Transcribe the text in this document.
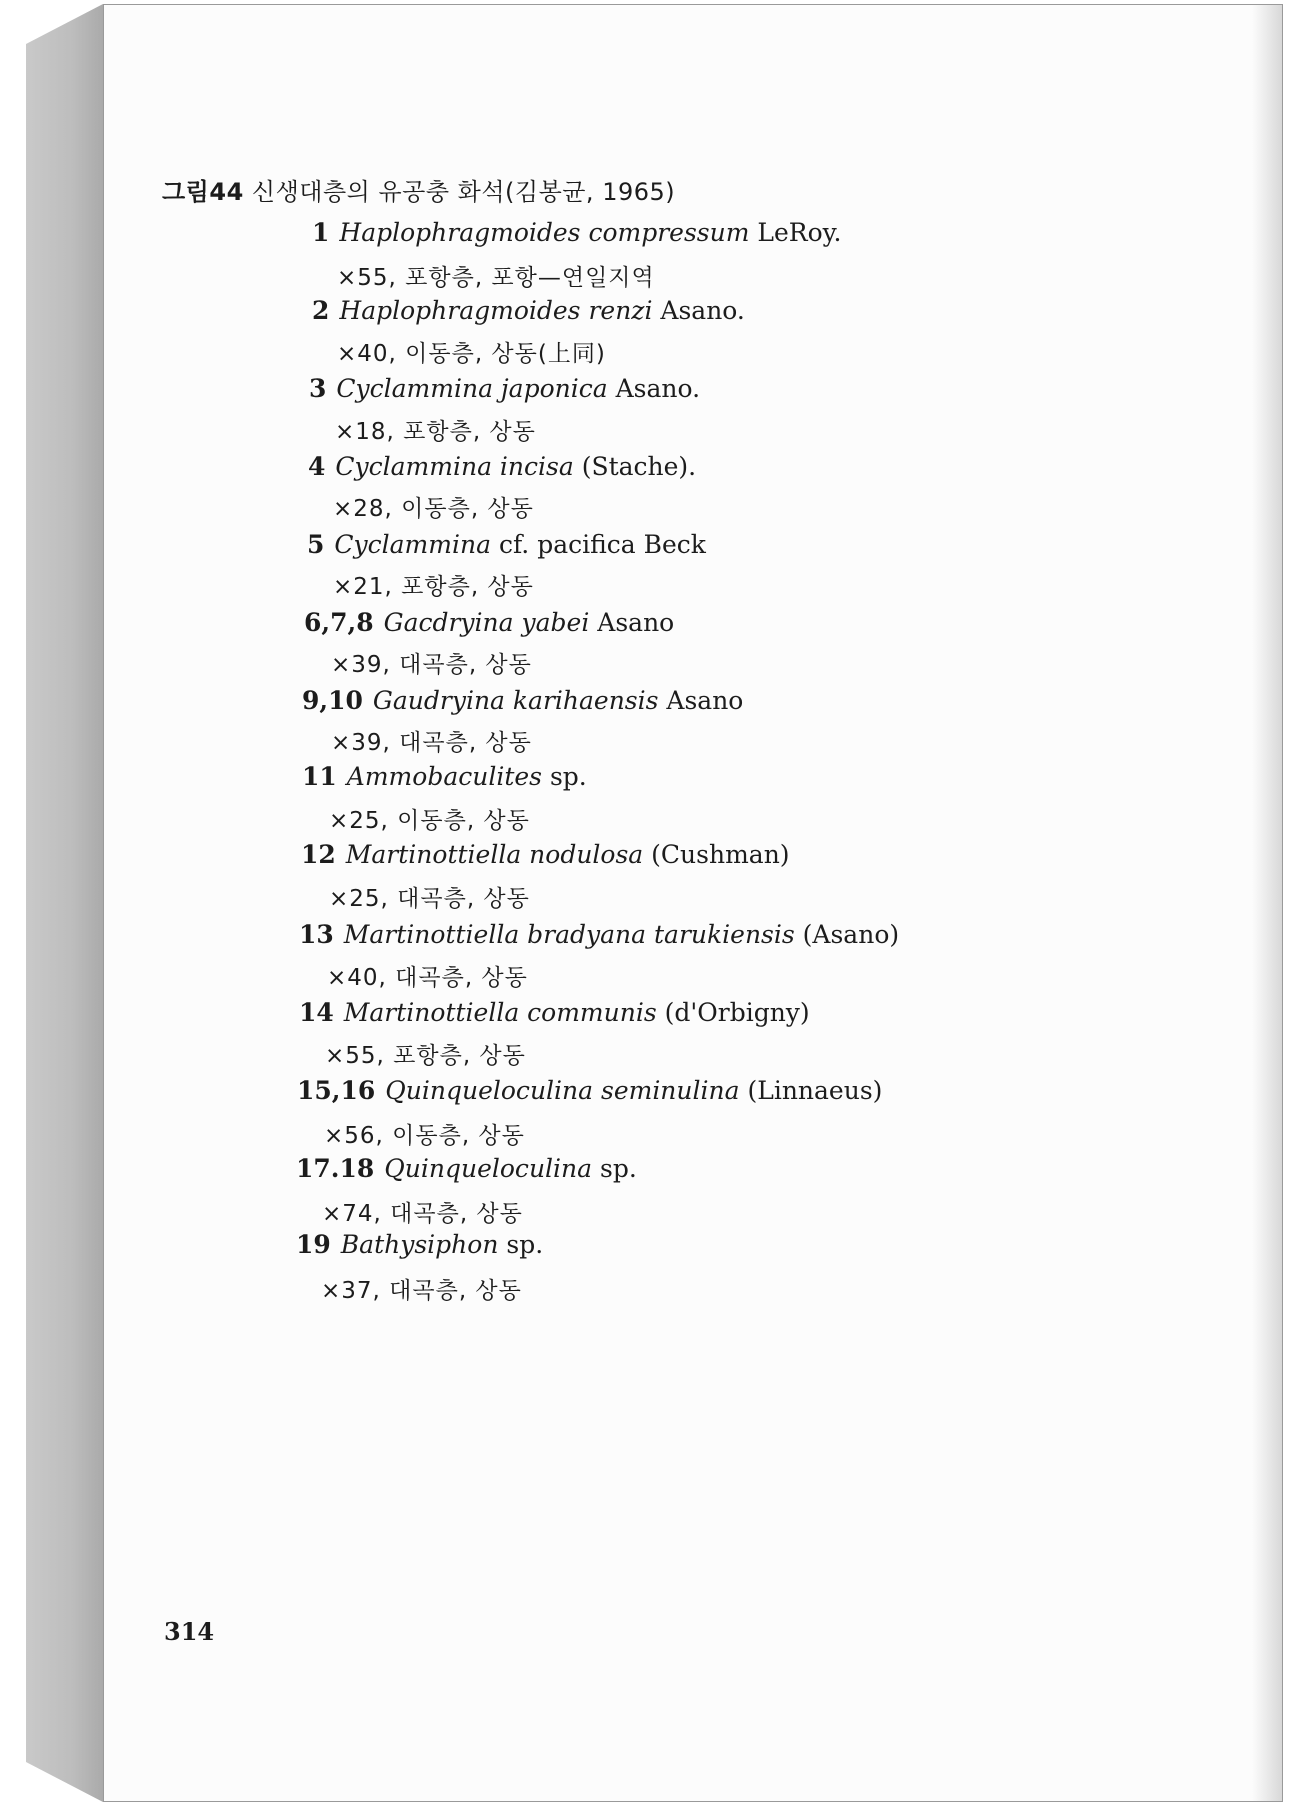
그림44 신생대층의 유공충 화석(김봉균, 1965)
1 Haplophragmoides compressum LeRoy.
×55, 포항층, 포항—연일지역
2 Haplophragmoides renzi Asano.
×40, 이동층, 상동(上同)
3 Cyclammina japonica Asano.
×18, 포항층, 상동
4 Cyclammina incisa (Stache).
×28, 이동층, 상동
5 Cyclammina cf. pacifica Beck
×21, 포항층, 상동
6,7,8 Gacdryina yabei Asano
×39, 대곡층, 상동
9,10 Gaudryina karihaensis Asano
×39, 대곡층, 상동
11 Ammobaculites sp.
×25, 이동층, 상동
12 Martinottiella nodulosa (Cushman)
×25, 대곡층, 상동
13 Martinottiella bradyana tarukiensis (Asano)
×40, 대곡층, 상동
14 Martinottiella communis (d'Orbigny)
×55, 포항층, 상동
15,16 Quinqueloculina seminulina (Linnaeus)
×56, 이동층, 상동
17.18 Quinqueloculina sp.
×74, 대곡층, 상동
19 Bathysiphon sp.
×37, 대곡층, 상동
314
